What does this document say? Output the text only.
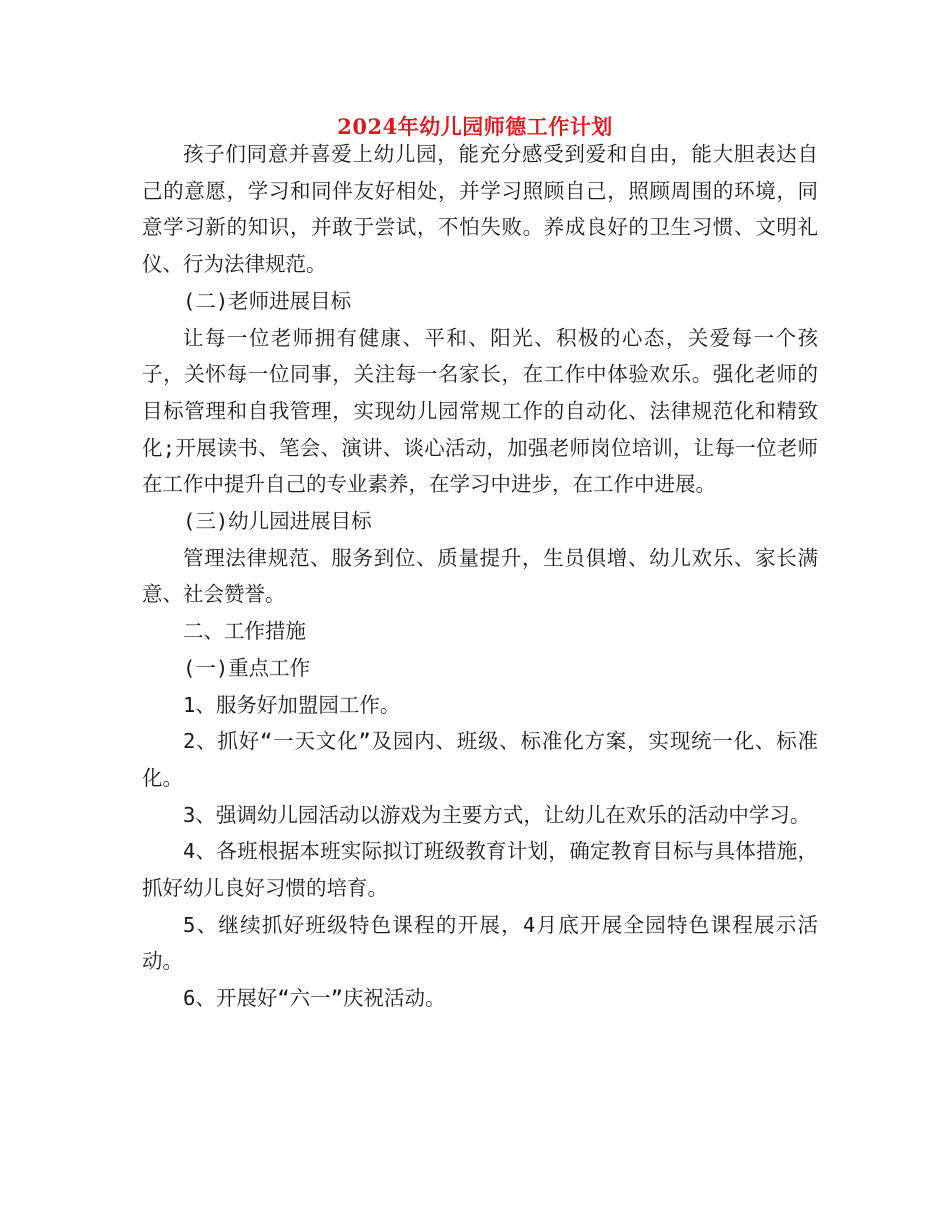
2024年幼儿园师德工作计划

孩子们同意并喜爱上幼儿园，能充分感受到爱和自由，能大胆表达自己的意愿，学习和同伴友好相处，并学习照顾自己，照顾周围的环境，同意学习新的知识，并敢于尝试，不怕失败。养成良好的卫生习惯、文明礼仪、行为法律规范。

(二)老师进展目标

让每一位老师拥有健康、平和、阳光、积极的心态，关爱每一个孩子，关怀每一位同事，关注每一名家长，在工作中体验欢乐。强化老师的目标管理和自我管理，实现幼儿园常规工作的自动化、法律规范化和精致化;开展读书、笔会、演讲、谈心活动，加强老师岗位培训，让每一位老师在工作中提升自己的专业素养，在学习中进步，在工作中进展。

(三)幼儿园进展目标

管理法律规范、服务到位、质量提升，生员俱增、幼儿欢乐、家长满意、社会赞誉。

二、工作措施

(一)重点工作

1、服务好加盟园工作。

2、抓好“一天文化”及园内、班级、标准化方案，实现统一化、标准化。

3、强调幼儿园活动以游戏为主要方式，让幼儿在欢乐的活动中学习。

4、各班根据本班实际拟订班级教育计划，确定教育目标与具体措施，抓好幼儿良好习惯的培育。

5、继续抓好班级特色课程的开展，4月底开展全园特色课程展示活动。

6、开展好“六一”庆祝活动。
